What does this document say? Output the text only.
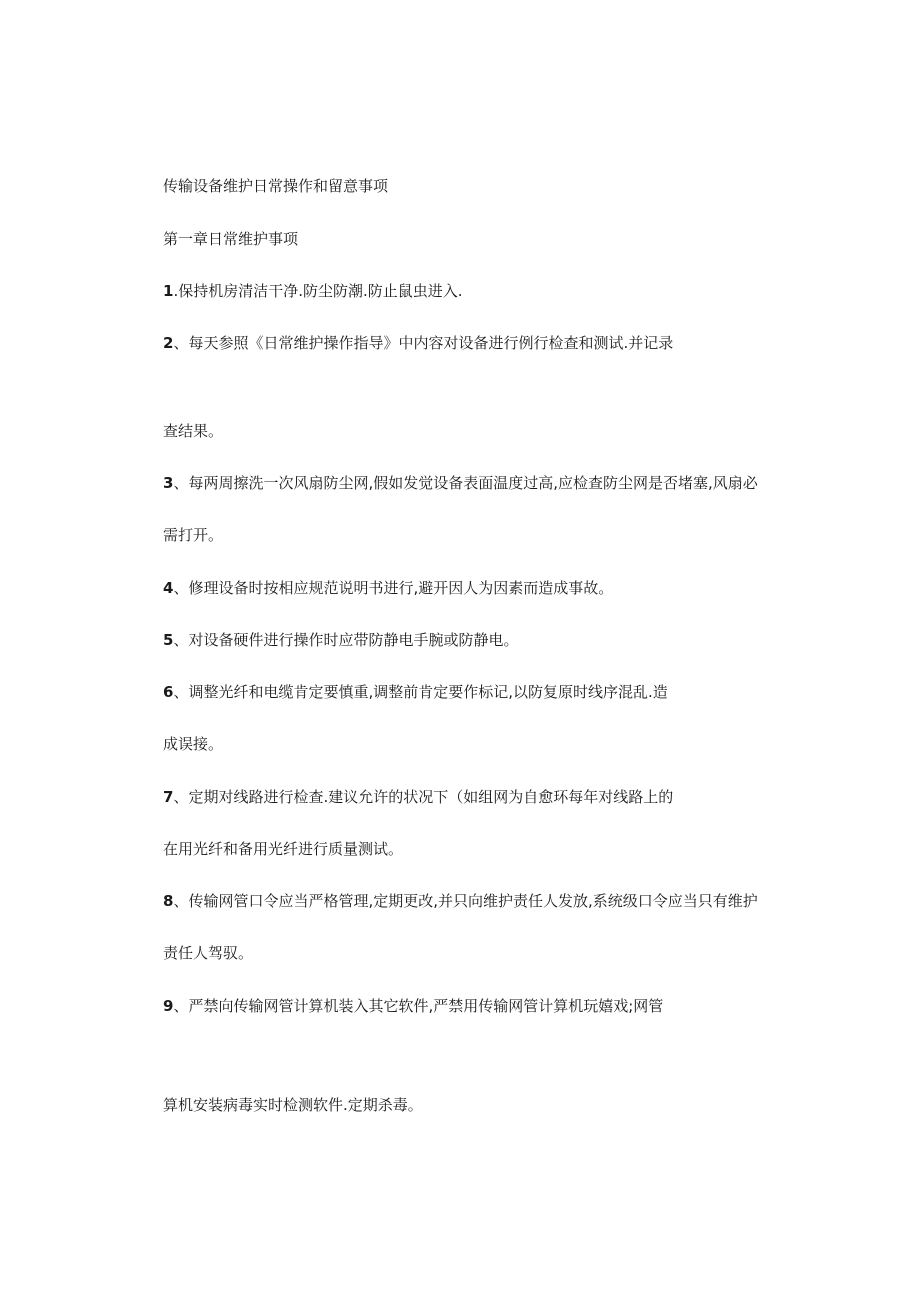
传输设备维护日常操作和留意事项
第一章日常维护事项
1.保持机房清洁干净.防尘防潮.防止鼠虫进入.
2、每天参照《日常维护操作指导》中内容对设备进行例行检查和测试.并记录
查结果。
3、每两周擦洗一次风扇防尘网,假如发觉设备表面温度过高,应检查防尘网是否堵塞,风扇必
需打开。
4、修理设备时按相应规范说明书进行,避开因人为因素而造成事故。
5、对设备硬件进行操作时应带防静电手腕或防静电。
6、调整光纤和电缆肯定要慎重,调整前肯定要作标记,以防复原时线序混乱.造
成误接。
7、定期对线路进行检查.建议允许的状况下（如组网为自愈环每年对线路上的
在用光纤和备用光纤进行质量测试。
8、传输网管口令应当严格管理,定期更改,并只向维护责任人发放,系统级口令应当只有维护
责任人驾驭。
9、严禁向传输网管计算机装入其它软件,严禁用传输网管计算机玩嬉戏;网管
算机安装病毒实时检测软件.定期杀毒。
